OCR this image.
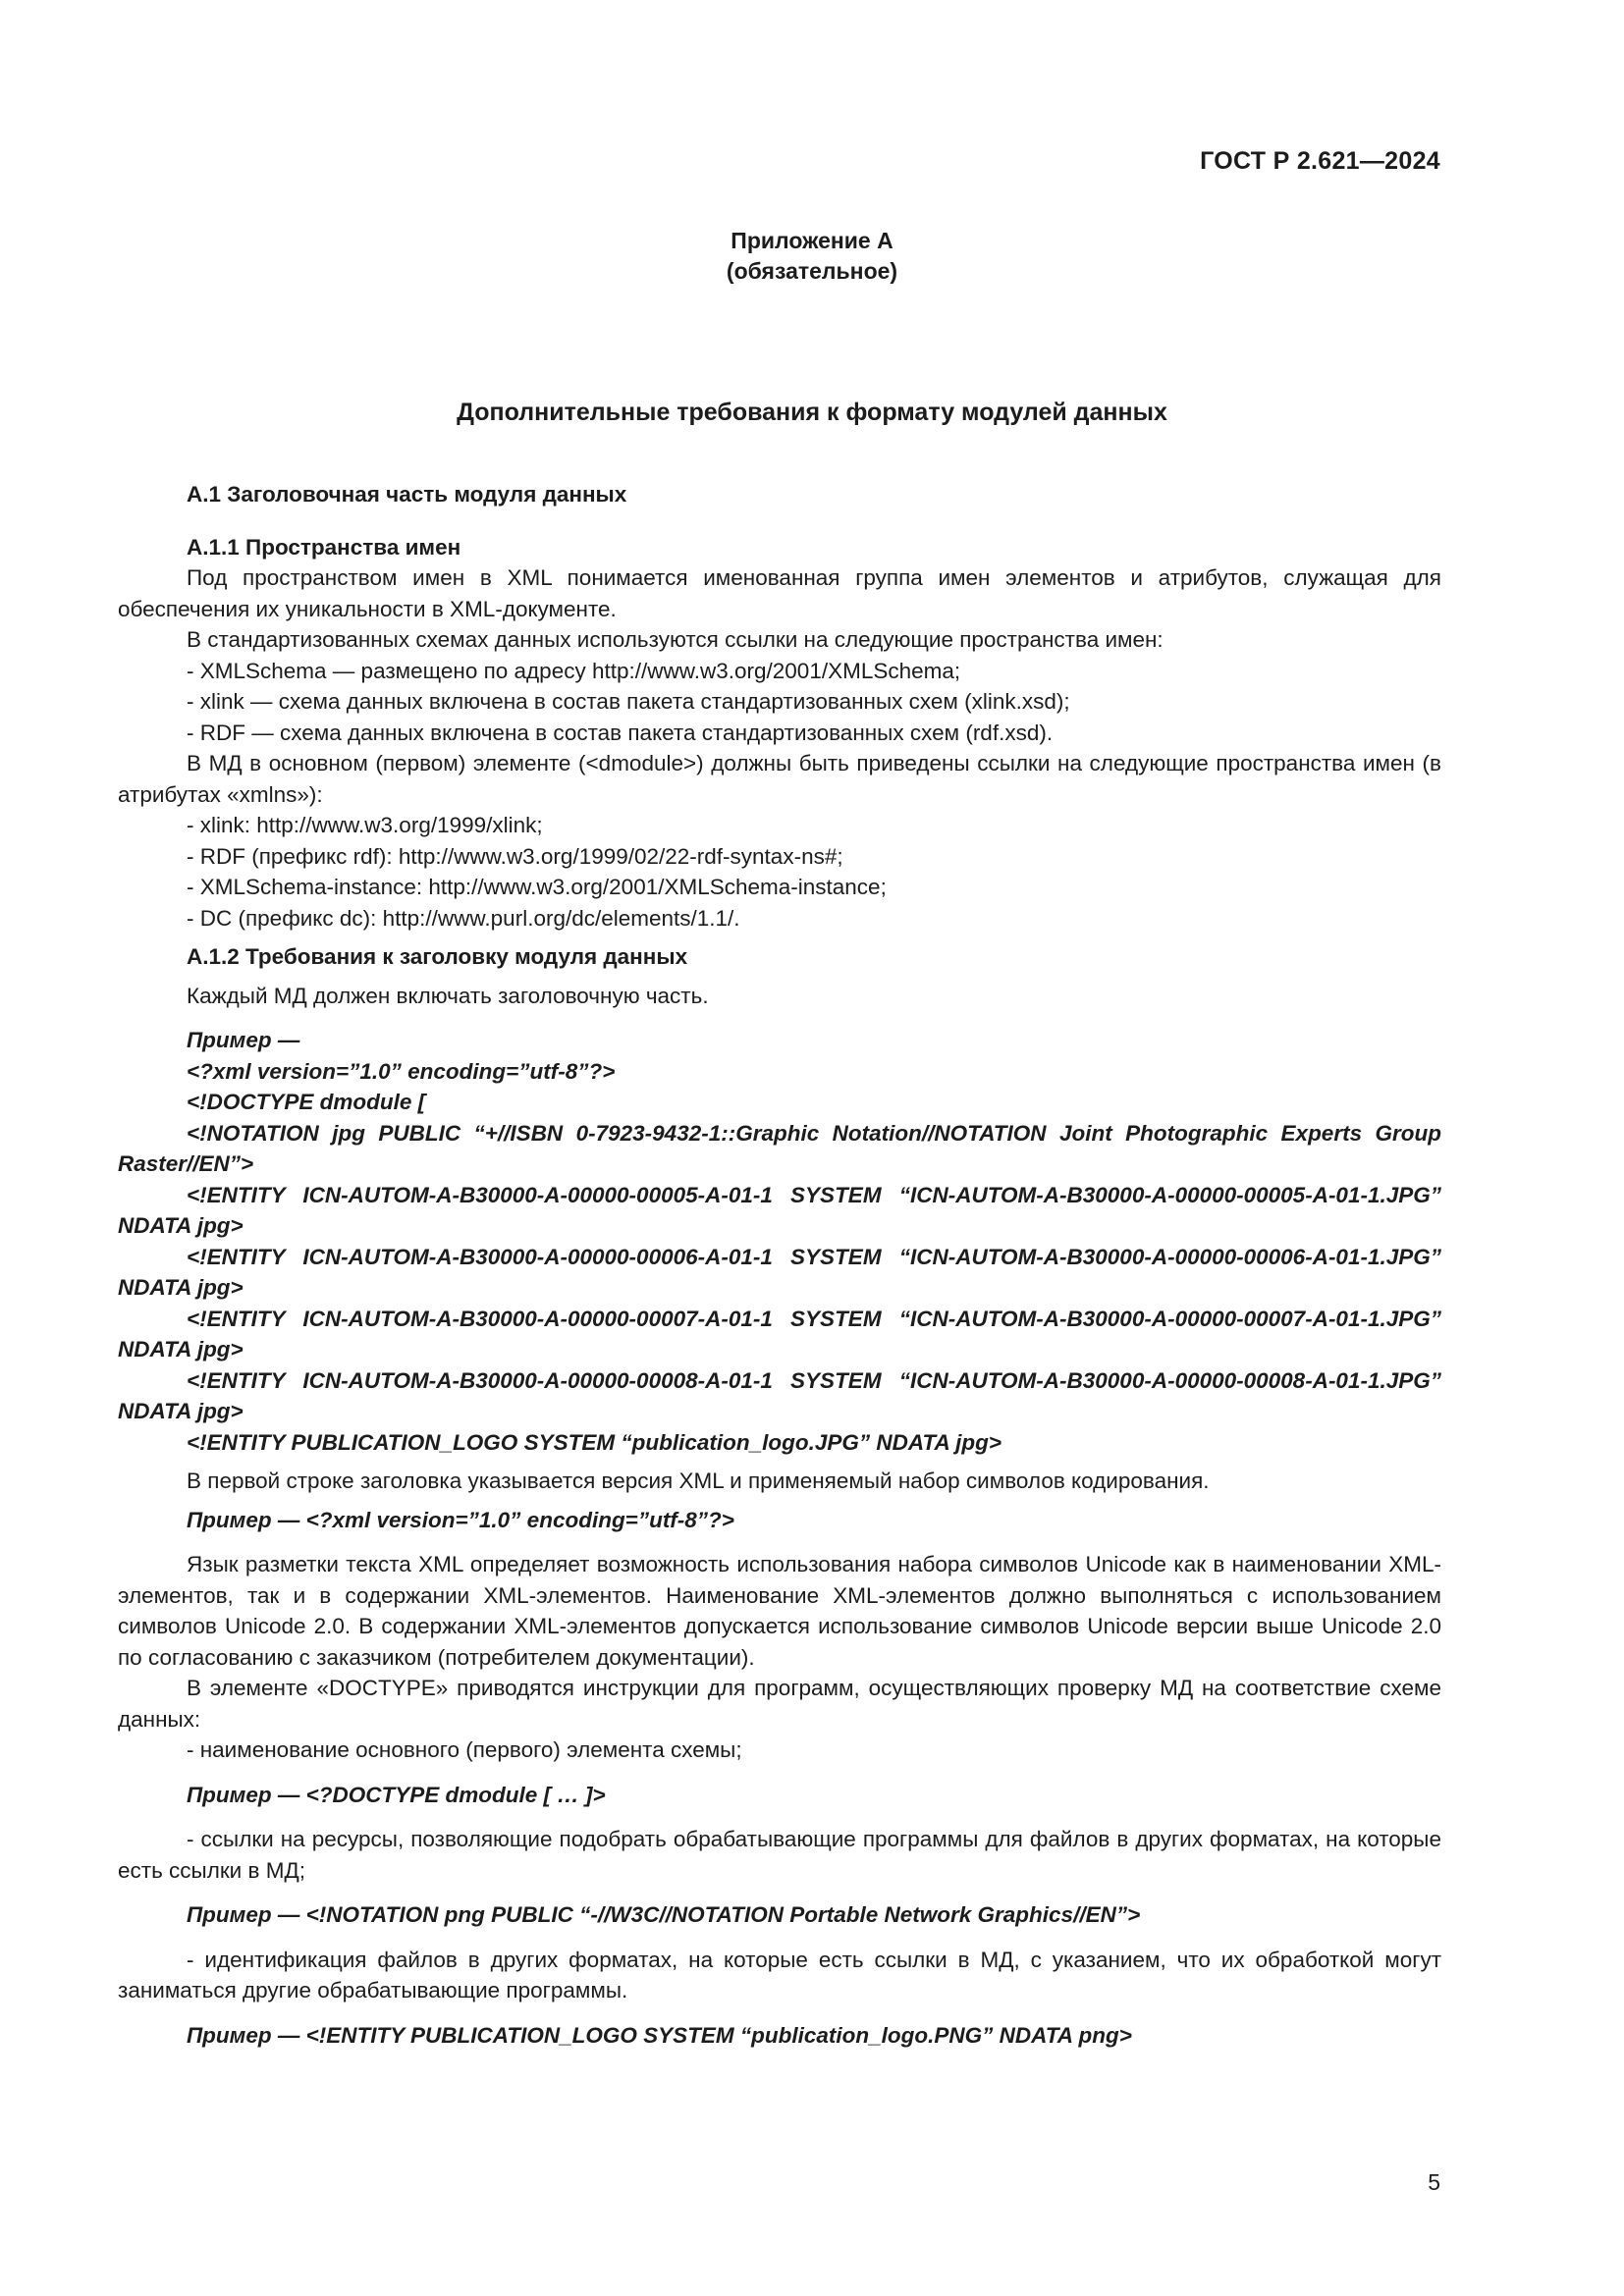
ГОСТ Р 2.621—2024
Приложение А
(обязательное)
Дополнительные требования к формату модулей данных
А.1 Заголовочная часть модуля данных
А.1.1 Пространства имен

Под пространством имен в XML понимается именованная группа имен элементов и атрибутов, служащая для обеспечения их уникальности в XML-документе.

В стандартизованных схемах данных используются ссылки на следующие пространства имен:

- XMLSchema — размещено по адресу http://www.w3.org/2001/XMLSchema;
- xlink — схема данных включена в состав пакета стандартизованных схем (xlink.xsd);
- RDF — схема данных включена в состав пакета стандартизованных схем (rdf.xsd).

В МД в основном (первом) элементе (<dmodule>) должны быть приведены ссылки на следующие пространства имен (в атрибутах «xmlns»):

- xlink: http://www.w3.org/1999/xlink;
- RDF (префикс rdf): http://www.w3.org/1999/02/22-rdf-syntax-ns#;
- XMLSchema-instance: http://www.w3.org/2001/XMLSchema-instance;
- DC (префикс dc): http://www.purl.org/dc/elements/1.1/.
А.1.2 Требования к заголовку модуля данных

Каждый МД должен включать заголовочную часть.

Пример —
<?xml version=”1.0” encoding=”utf-8”?>
<!DOCTYPE dmodule [
<!NOTATION jpg PUBLIC “+//ISBN 0-7923-9432-1::Graphic Notation//NOTATION Joint Photographic Experts Group Raster//EN”>
<!ENTITY ICN-AUTOM-A-B30000-A-00000-00005-A-01-1 SYSTEM “ICN-AUTOM-A-B30000-A-00000-00005-A-01-1.JPG” NDATA jpg>
<!ENTITY ICN-AUTOM-A-B30000-A-00000-00006-A-01-1 SYSTEM “ICN-AUTOM-A-B30000-A-00000-00006-A-01-1.JPG” NDATA jpg>
<!ENTITY ICN-AUTOM-A-B30000-A-00000-00007-A-01-1 SYSTEM “ICN-AUTOM-A-B30000-A-00000-00007-A-01-1.JPG” NDATA jpg>
<!ENTITY ICN-AUTOM-A-B30000-A-00000-00008-A-01-1 SYSTEM “ICN-AUTOM-A-B30000-A-00000-00008-A-01-1.JPG” NDATA jpg>
<!ENTITY PUBLICATION_LOGO SYSTEM “publication_logo.JPG” NDATA jpg>

В первой строке заголовка указывается версия XML и применяемый набор символов кодирования.

Пример — <?xml version=”1.0” encoding=”utf-8”?>

Язык разметки текста XML определяет возможность использования набора символов Unicode как в наименовании XML-элементов, так и в содержании XML-элементов. Наименование XML-элементов должно выполняться с использованием символов Unicode 2.0. В содержании XML-элементов допускается использование символов Unicode версии выше Unicode 2.0 по согласованию с заказчиком (потребителем документации).

В элементе «DOCTYPE» приводятся инструкции для программ, осуществляющих проверку МД на соответствие схеме данных:

- наименование основного (первого) элемента схемы;
Пример — <?DOCTYPE dmodule [ … ]>

- ссылки на ресурсы, позволяющие подобрать обрабатывающие программы для файлов в других форматах, на которые есть ссылки в МД;

Пример — <!NOTATION png PUBLIC “-//W3C//NOTATION Portable Network Graphics//EN”>

- идентификация файлов в других форматах, на которые есть ссылки в МД, с указанием, что их обработкой могут заниматься другие обрабатывающие программы.

Пример — <!ENTITY PUBLICATION_LOGO SYSTEM “publication_logo.PNG” NDATA png>
5
